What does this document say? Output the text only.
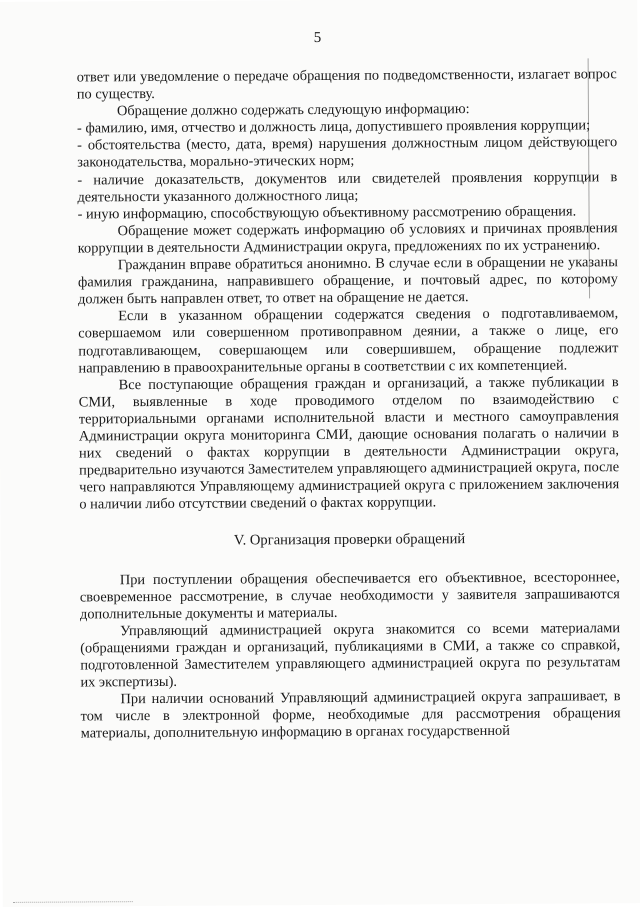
5

ответ или уведомление о передаче обращения по подведомственности, излагает вопрос по существу.

Обращение должно содержать следующую информацию:

- фамилию, имя, отчество и должность лица, допустившего проявления коррупции;

- обстоятельства (место, дата, время) нарушения должностным лицом действующего законодательства, морально-этических норм;

- наличие доказательств, документов или свидетелей проявления коррупции в деятельности указанного должностного лица;

- иную информацию, способствующую объективному рассмотрению обращения.

Обращение может содержать информацию об условиях и причинах проявления коррупции в деятельности Администрации округа, предложениях по их устранению.

Гражданин вправе обратиться анонимно. В случае если в обращении не указаны фамилия гражданина, направившего обращение, и почтовый адрес, по которому должен быть направлен ответ, то ответ на обращение не дается.

Если в указанном обращении содержатся сведения о подготавливаемом, совершаемом или совершенном противоправном деянии, а также о лице, его подготавливающем, совершающем или совершившем, обращение подлежит направлению в правоохранительные органы в соответствии с их компетенцией.

Все поступающие обращения граждан и организаций, а также публикации в СМИ, выявленные в ходе проводимого отделом по взаимодействию с территориальными органами исполнительной власти и местного самоуправления Администрации округа мониторинга СМИ, дающие основания полагать о наличии в них сведений о фактах коррупции в деятельности Администрации округа, предварительно изучаются Заместителем управляющего администрацией округа, после чего направляются Управляющему администрацией округа с приложением заключения о наличии либо отсутствии сведений о фактах коррупции.

V. Организация проверки обращений

При поступлении обращения обеспечивается его объективное, всестороннее, своевременное рассмотрение, в случае необходимости у заявителя запрашиваются дополнительные документы и материалы.

Управляющий администрацией округа знакомится со всеми материалами (обращениями граждан и организаций, публикациями в СМИ, а также со справкой, подготовленной Заместителем управляющего администрацией округа по результатам их экспертизы).

При наличии оснований Управляющий администрацией округа запрашивает, в том числе в электронной форме, необходимые для рассмотрения обращения материалы, дополнительную информацию в органах государственной
